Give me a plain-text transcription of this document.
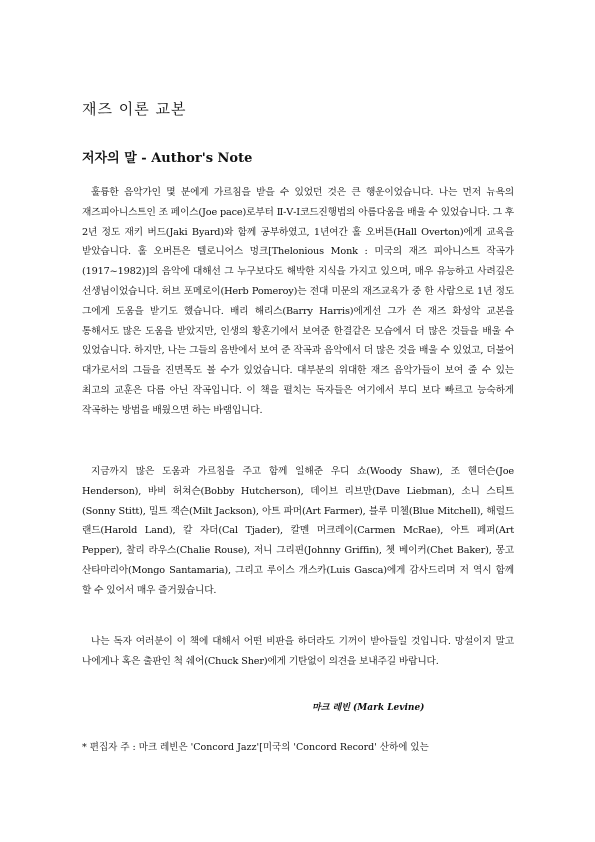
재즈 이론 교본
저자의 말 - Author's Note

훌륭한 음악가인 몇 분에게 가르침을 받을 수 있었던 것은 큰 행운이었습니다. 나는 먼저 뉴욕의 재즈피아니스트인 조 페이스(Joe pace)로부터 Ⅱ-Ⅴ-Ⅰ코드진행법의 아름다움을 배울 수 있었습니다. 그 후 2년 정도 재키 버드(Jaki Byard)와 함께 공부하였고, 1년여간 홀 오버튼(Hall Overton)에게 교육을 받았습니다. 홀 오버튼은 텔로니어스 멍크[Thelonious Monk : 미국의 재즈 피아니스트 작곡가(1917~1982)]의 음악에 대해선 그 누구보다도 해박한 지식을 가지고 있으며, 매우 유능하고 사려깊은 선생님이었습니다. 허브 포메로이(Herb Pomeroy)는 전대 미문의 재즈교육가 중 한 사람으로 1년 정도 그에게 도움을 받기도 했습니다. 배리 해리스(Barry Harris)에게선 그가 쓴 재즈 화성악 교본을 통해서도 많은 도움을 받았지만, 인생의 황혼기에서 보여준 한결같은 모습에서 더 많은 것들을 배울 수 있었습니다. 하지만, 나는 그들의 음반에서 보여 준 작곡과 음악에서 더 많은 것을 배울 수 있었고, 더불어 대가로서의 그들을 진면목도 볼 수가 있었습니다. 대부분의 위대한 재즈 음악가들이 보여 줄 수 있는 최고의 교훈은 다름 아닌 작곡입니다. 이 책을 펼치는 독자들은 여기에서 부디 보다 빠르고 능숙하게 작곡하는 방법을 배웠으면 하는 바램입니다.

지금까지 많은 도움과 가르침을 주고 함께 일해준 우디 쇼(Woody Shaw), 조 헨더슨(Joe Henderson), 바비 허쳐슨(Bobby Hutcherson), 데이브 리브만(Dave Liebman), 소니 스티트(Sonny Stitt), 밀트 잭슨(Milt Jackson), 아트 파머(Art Farmer), 블루 미첼(Blue Mitchell), 해럴드 랜드(Harold Land), 칼 자더(Cal Tjader), 칼멘 머크레이(Carmen McRae), 아트 페퍼(Art Pepper), 찰리 라우스(Chalie Rouse), 저니 그리핀(Johnny Griffin), 쳇 베이커(Chet Baker), 몽고 산타마리아(Mongo Santamaria), 그리고 루이스 개스카(Luis Gasca)에게 감사드리며 저 역시 함께 할 수 있어서 매우 즐거웠습니다.

나는 독자 여러분이 이 책에 대해서 어떤 비판을 하더라도 기꺼이 받아들일 것입니다. 망설이지 말고 나에게나 혹은 출판인 척 쉐어(Chuck Sher)에게 기탄없이 의견을 보내주길 바랍니다.

마크 레빈 (Mark Levine)
* 편집자 주 : 마크 레빈은 'Concord Jazz'[미국의 'Concord Record' 산하에 있는
